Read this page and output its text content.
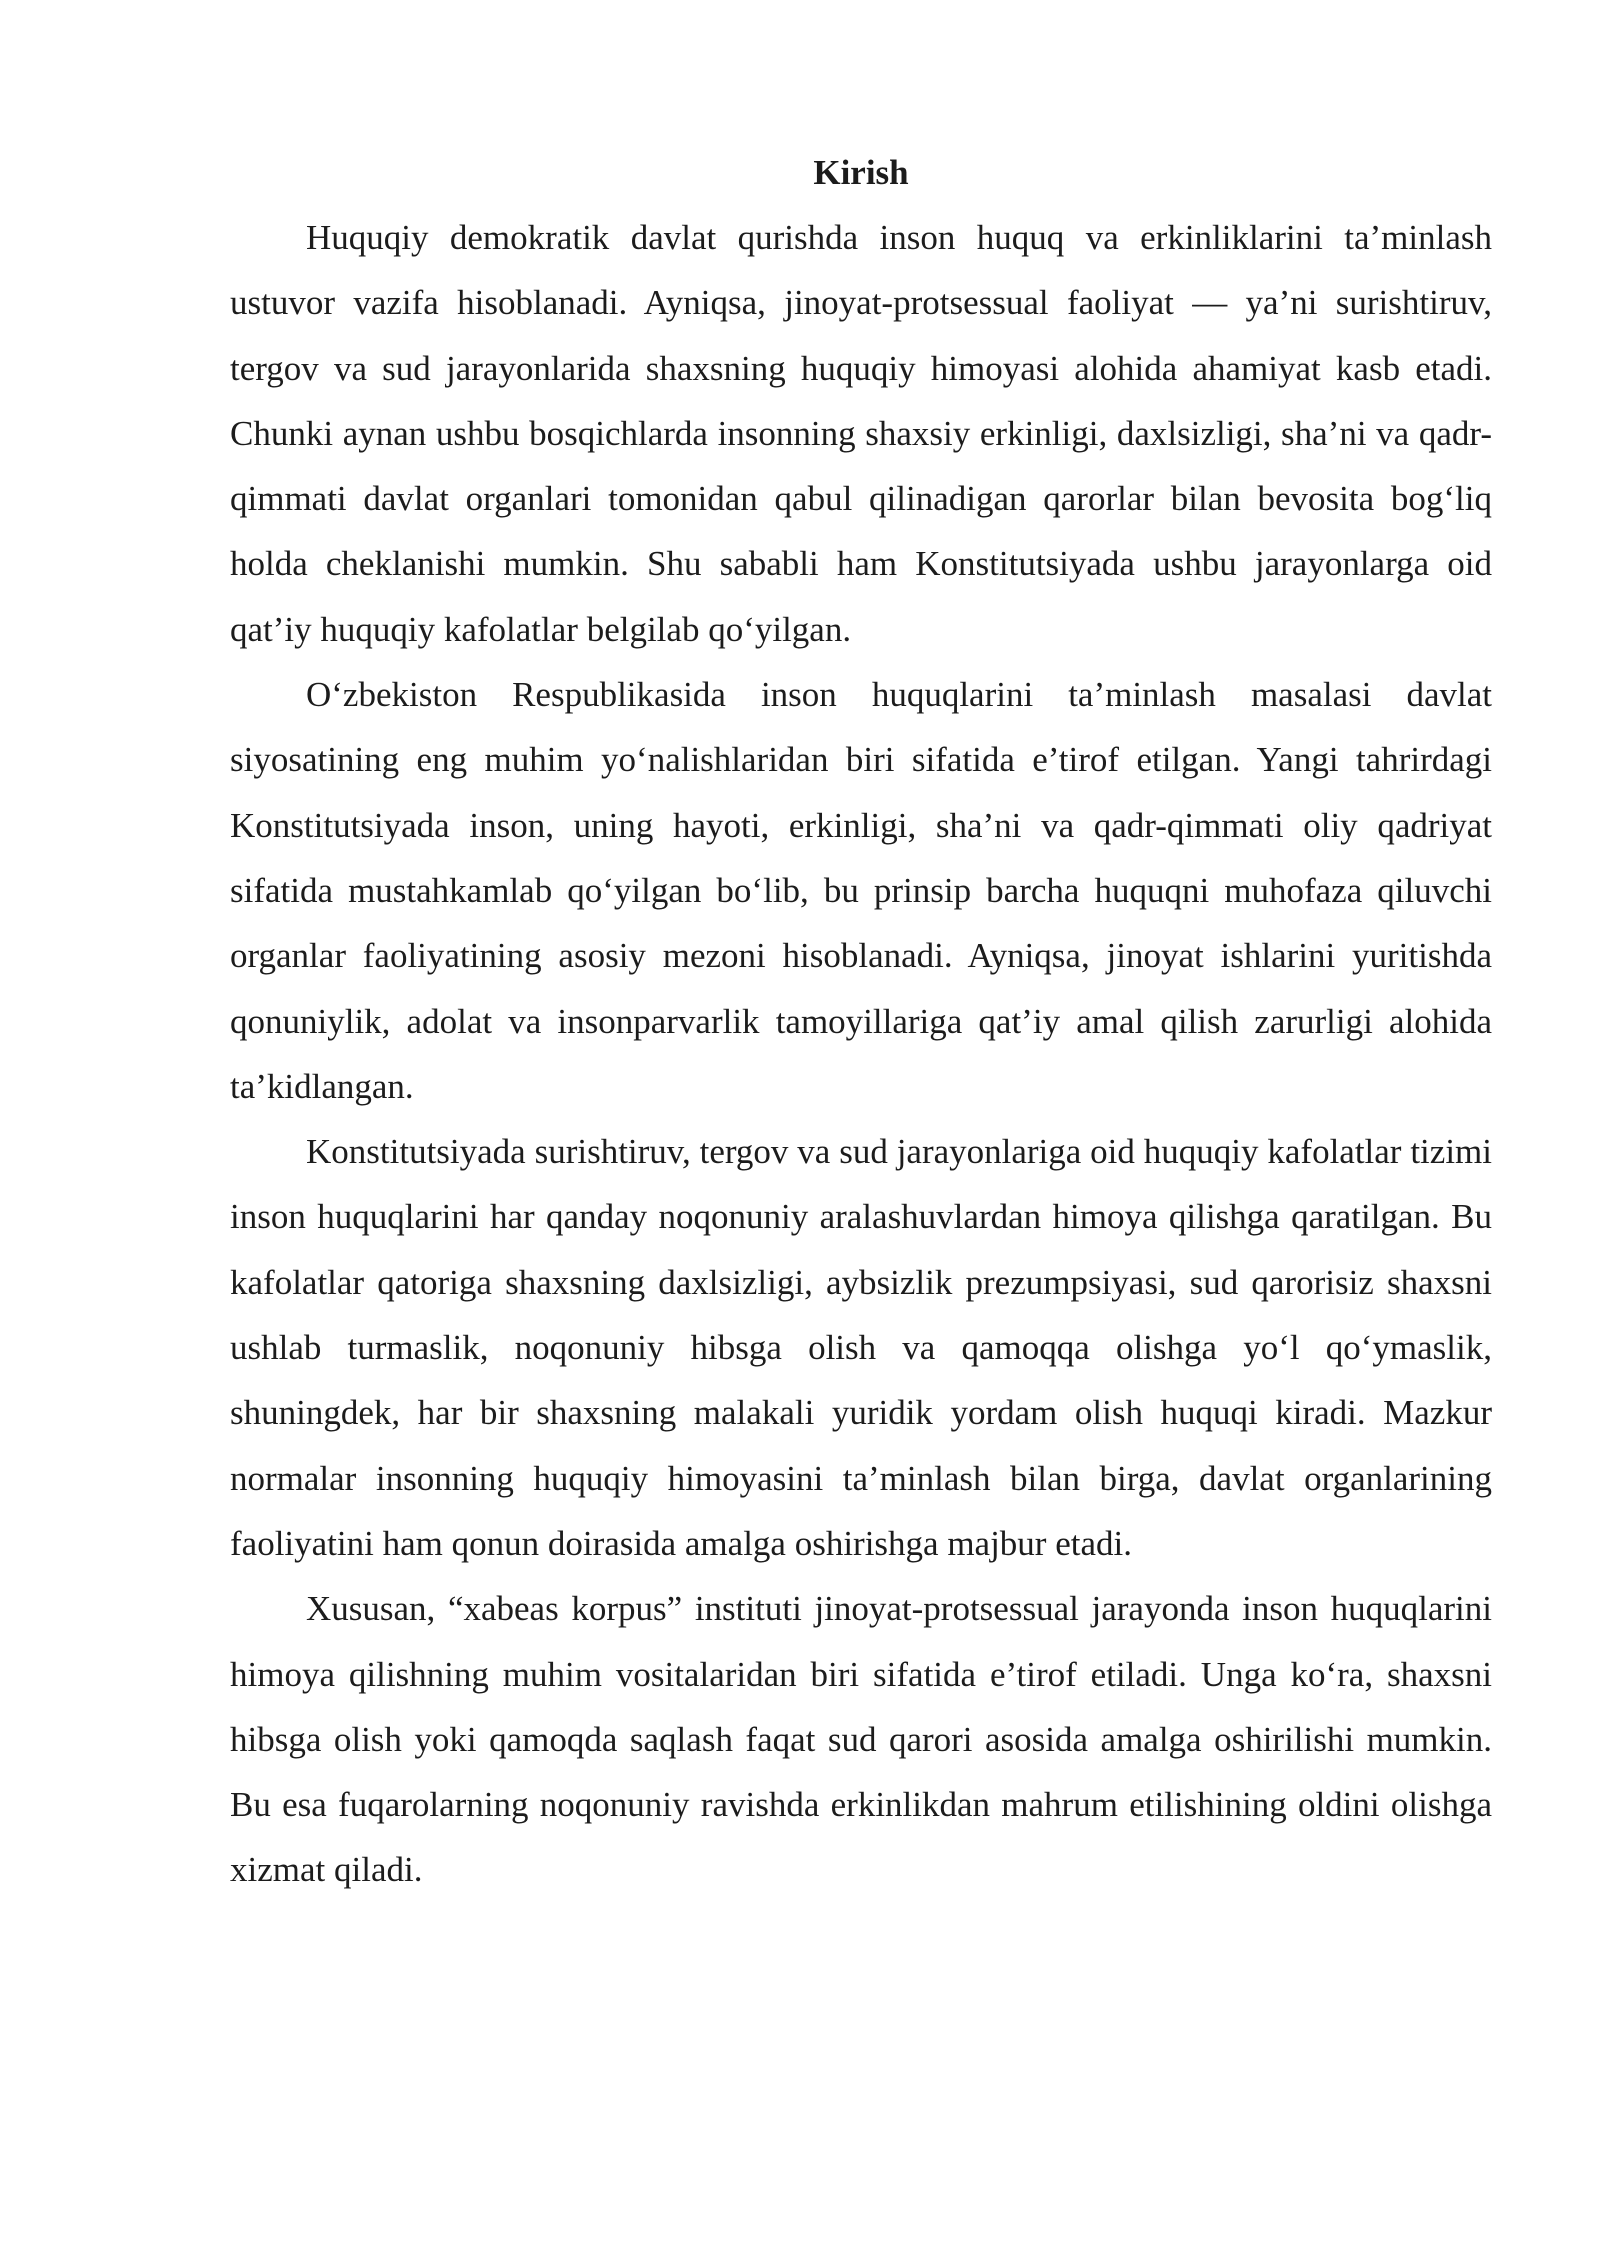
Kirish

Huquqiy demokratik davlat qurishda inson huquq va erkinliklarini ta’minlash ustuvor vazifa hisoblanadi. Ayniqsa, jinoyat-protsessual faoliyat — ya’ni surishtiruv, tergov va sud jarayonlarida shaxsning huquqiy himoyasi alohida ahamiyat kasb etadi. Chunki aynan ushbu bosqichlarda insonning shaxsiy erkinligi, daxlsizligi, sha’ni va qadr-qimmati davlat organlari tomonidan qabul qilinadigan qarorlar bilan bevosita bog‘liq holda cheklanishi mumkin. Shu sababli ham Konstitutsiyada ushbu jarayonlarga oid qat’iy huquqiy kafolatlar belgilab qo‘yilgan.

O‘zbekiston Respublikasida inson huquqlarini ta’minlash masalasi davlat siyosatining eng muhim yo‘nalishlaridan biri sifatida e’tirof etilgan. Yangi tahrirdagi Konstitutsiyada inson, uning hayoti, erkinligi, sha’ni va qadr-qimmati oliy qadriyat sifatida mustahkamlab qo‘yilgan bo‘lib, bu prinsip barcha huquqni muhofaza qiluvchi organlar faoliyatining asosiy mezoni hisoblanadi. Ayniqsa, jinoyat ishlarini yuritishda qonuniylik, adolat va insonparvarlik tamoyillariga qat’iy amal qilish zarurligi alohida ta’kidlangan.

Konstitutsiyada surishtiruv, tergov va sud jarayonlariga oid huquqiy kafolatlar tizimi inson huquqlarini har qanday noqonuniy aralashuvlardan himoya qilishga qaratilgan. Bu kafolatlar qatoriga shaxsning daxlsizligi, aybsizlik prezumpsiyasi, sud qarorisiz shaxsni ushlab turmaslik, noqonuniy hibsga olish va qamoqqa olishga yo‘l qo‘ymaslik, shuningdek, har bir shaxsning malakali yuridik yordam olish huquqi kiradi. Mazkur normalar insonning huquqiy himoyasini ta’minlash bilan birga, davlat organlarining faoliyatini ham qonun doirasida amalga oshirishga majbur etadi.

Xususan, “xabeas korpus” instituti jinoyat-protsessual jarayonda inson huquqlarini himoya qilishning muhim vositalaridan biri sifatida e’tirof etiladi. Unga ko‘ra, shaxsni hibsga olish yoki qamoqda saqlash faqat sud qarori asosida amalga oshirilishi mumkin. Bu esa fuqarolarning noqonuniy ravishda erkinlikdan mahrum etilishining oldini olishga xizmat qiladi.
